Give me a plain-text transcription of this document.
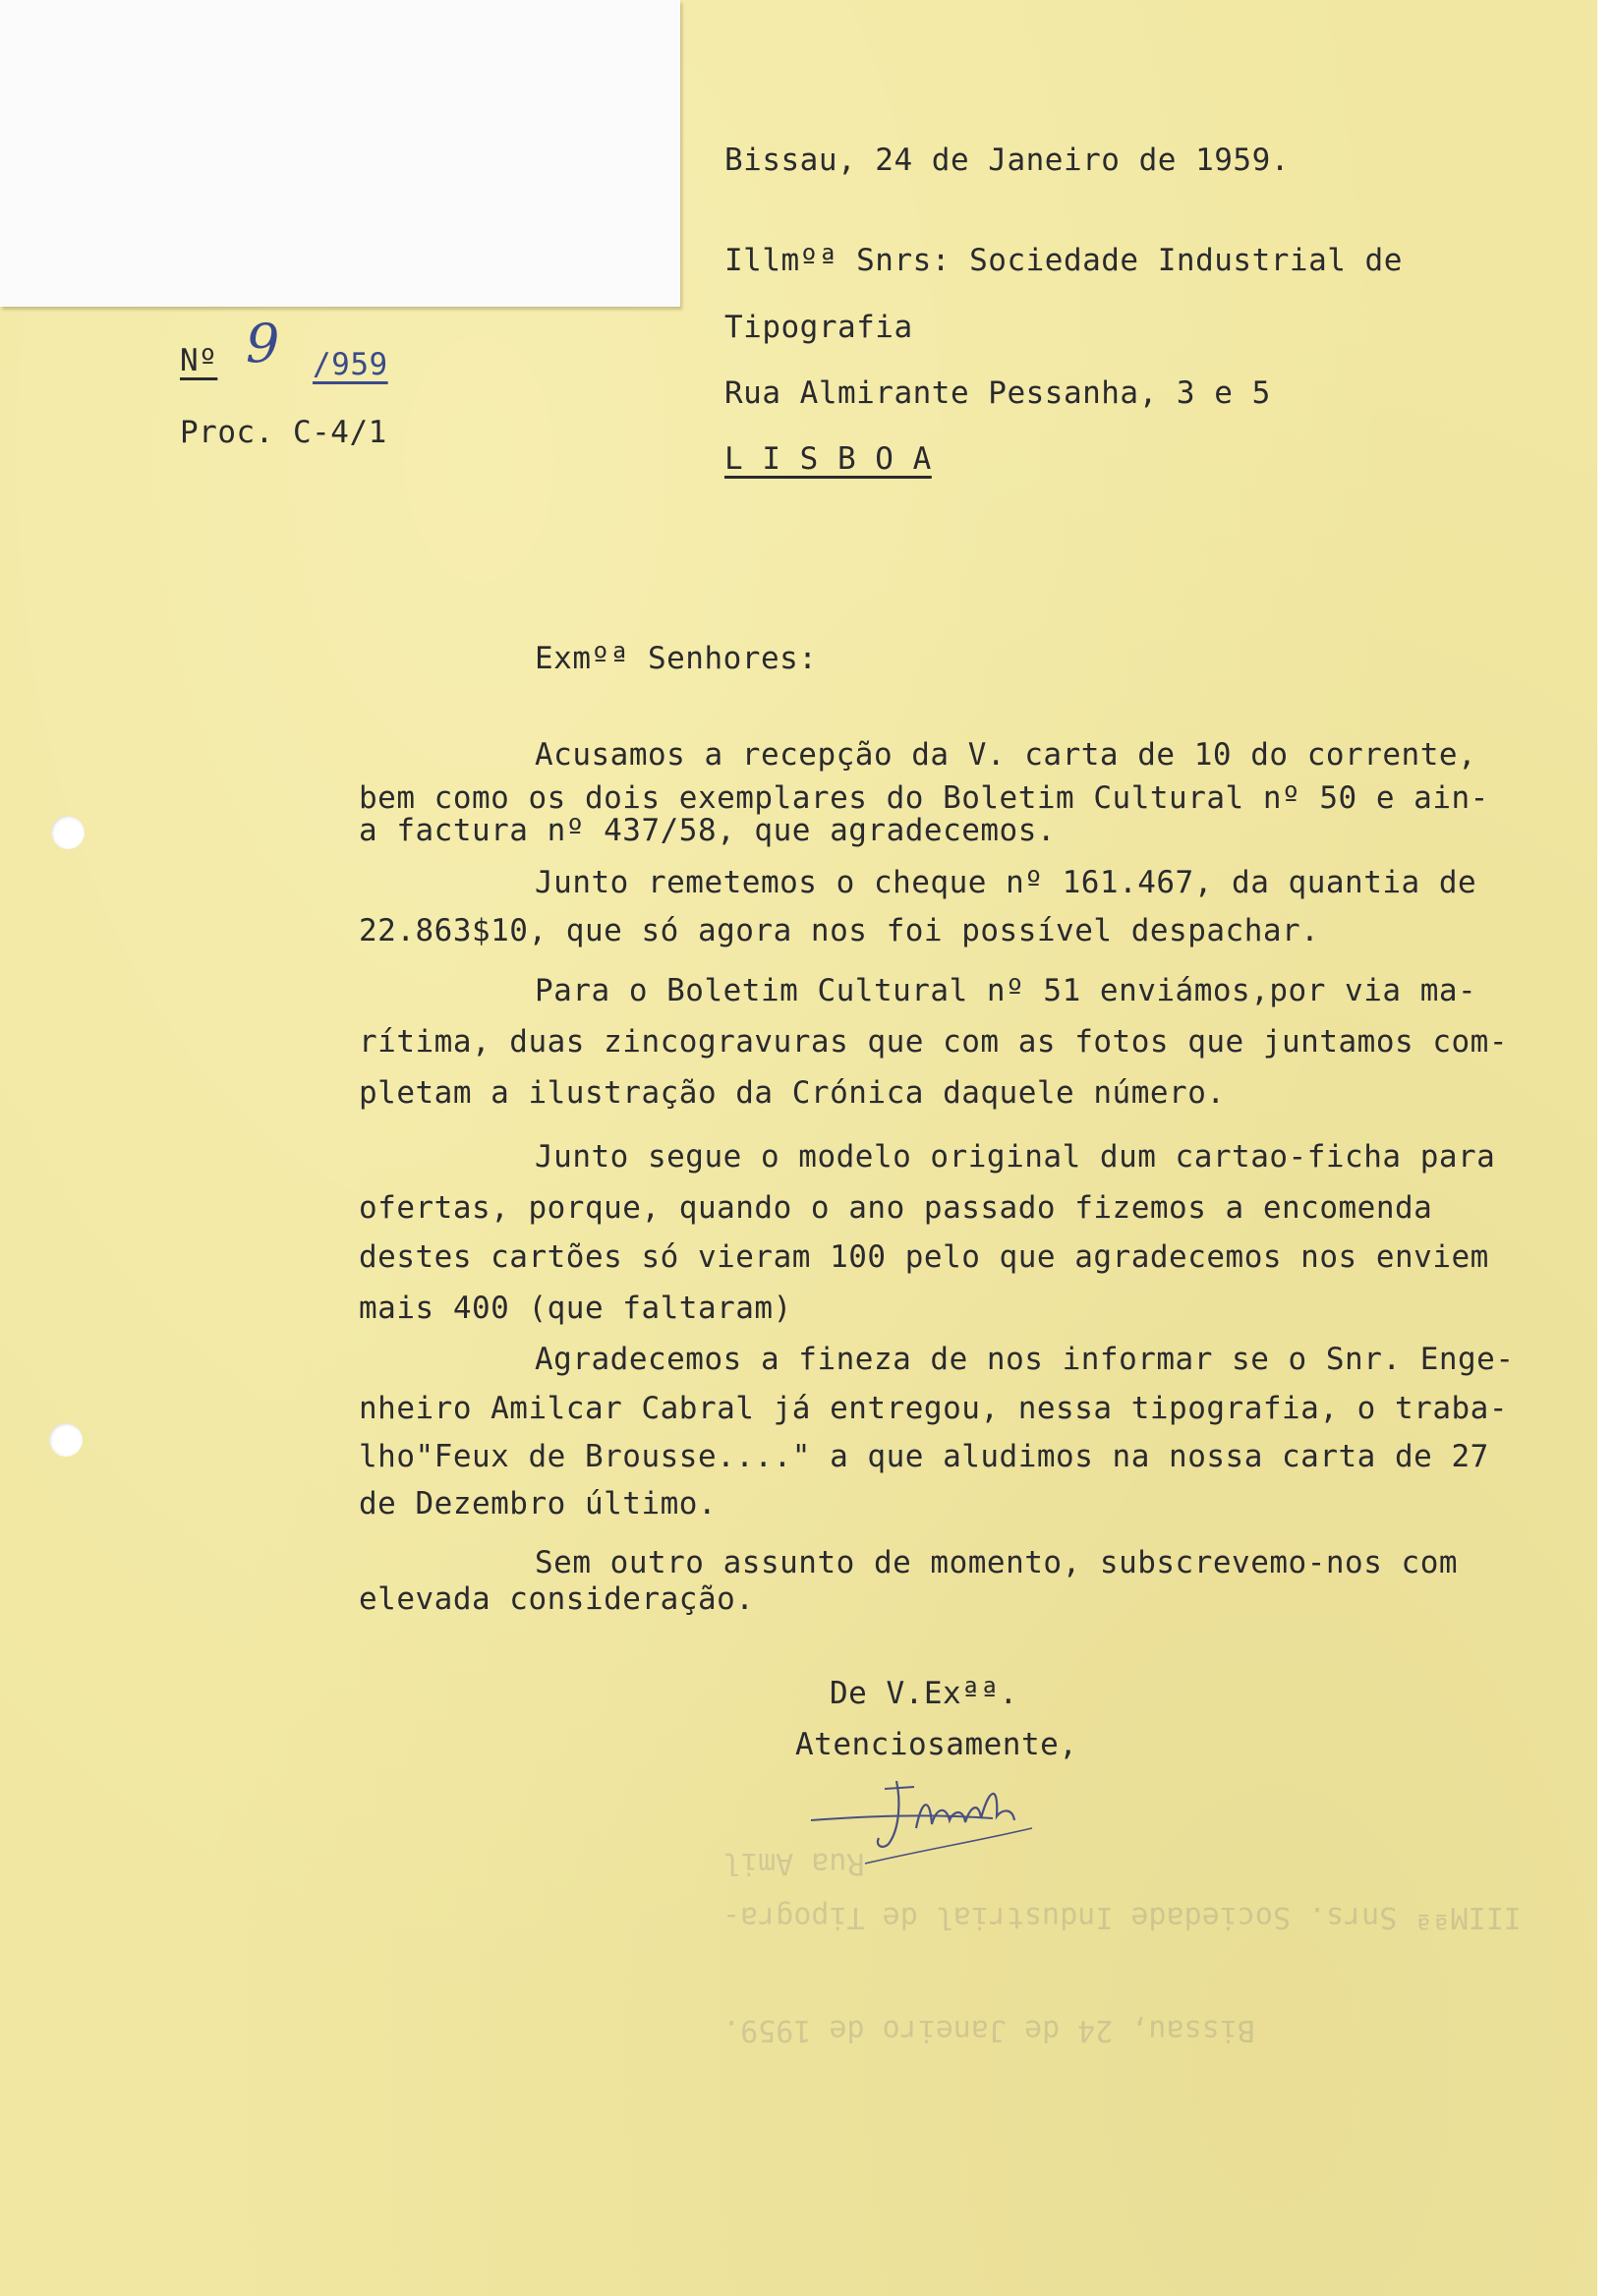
Bissau, 24 de Janeiro de 1959.
Nº 9 /959
Proc. C-4/1
Illmºª Snrs: Sociedade Industrial de
Tipografia
Rua Almirante Pessanha, 3 e 5
L I S B O A
Exmºª Senhores:
Acusamos a recepção da V. carta de 10 do corrente,
bem como os dois exemplares do Boletim Cultural nº 50 e ain-
a factura nº 437/58, que agradecemos.
Junto remetemos o cheque nº 161.467, da quantia de
22.863$10, que só agora nos foi possível despachar.
Para o Boletim Cultural nº 51 enviámos,por via ma-
rítima, duas zincogravuras que com as fotos que juntamos com-
pletam a ilustração da Crónica daquele número.
Junto segue o modelo original dum cartao-ficha para
ofertas, porque, quando o ano passado fizemos a encomenda
destes cartões só vieram 100 pelo que agradecemos nos enviem
mais 400 (que faltaram)
Agradecemos a fineza de nos informar se o Snr. Enge-
nheiro Amilcar Cabral já entregou, nessa tipografia, o traba-
lho"Feux de Brousse...." a que aludimos na nossa carta de 27
de Dezembro último.
Sem outro assunto de momento, subscrevemo-nos com
elevada consideração.
De V.Exªª.
Atenciosamente,
IIIMªª Snrs. Sociedade Industrial de Tipogra-
Bissau, 24 de Janeiro de 1959.
Rua Amil
